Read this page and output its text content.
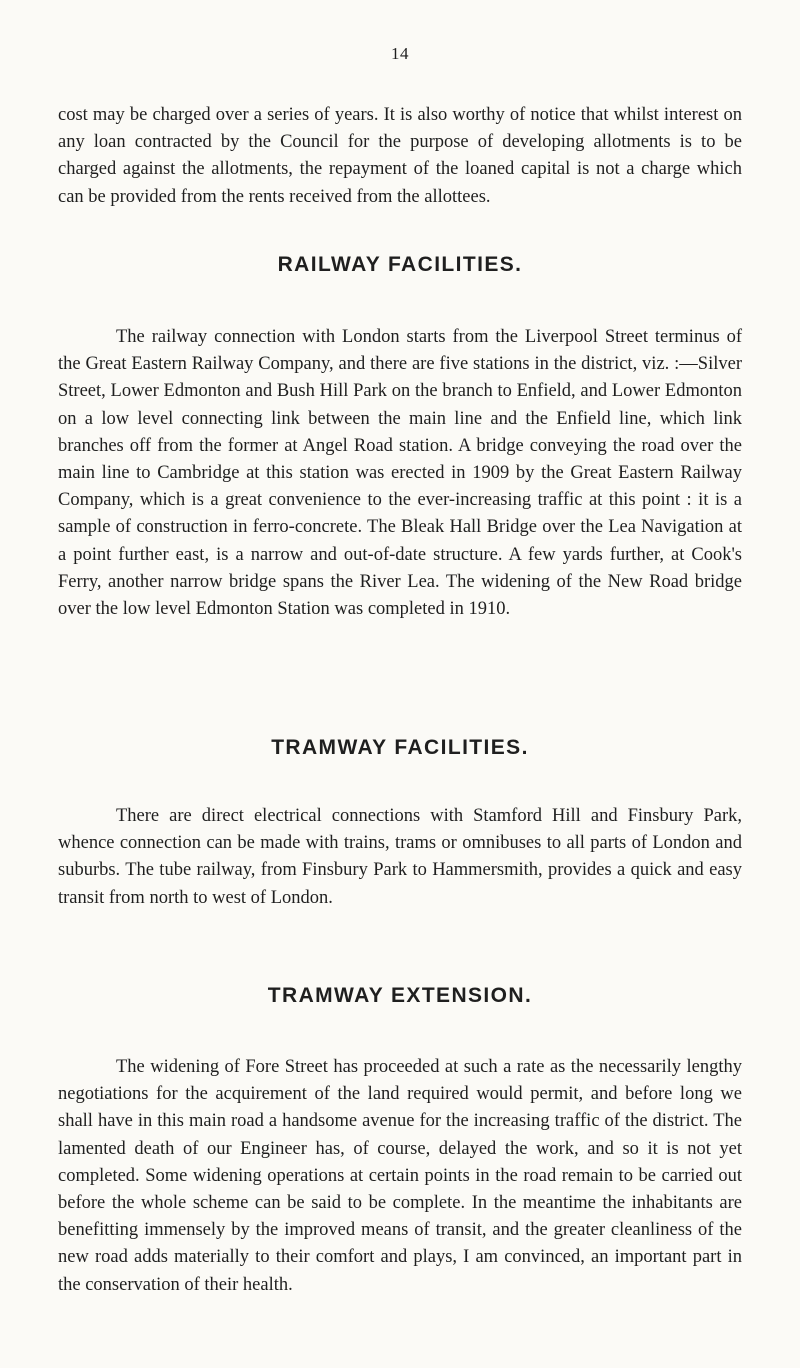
14

cost may be charged over a series of years. It is also worthy of notice that whilst interest on any loan contracted by the Council for the purpose of developing allotments is to be charged against the allotments, the repayment of the loaned capital is not a charge which can be provided from the rents received from the allottees.

RAILWAY FACILITIES.

The railway connection with London starts from the Liverpool Street terminus of the Great Eastern Railway Company, and there are five stations in the district, viz. :—Silver Street, Lower Edmonton and Bush Hill Park on the branch to Enfield, and Lower Edmonton on a low level connecting link between the main line and the Enfield line, which link branches off from the former at Angel Road station. A bridge conveying the road over the main line to Cambridge at this station was erected in 1909 by the Great Eastern Railway Company, which is a great convenience to the ever-increasing traffic at this point : it is a sample of construction in ferro-concrete. The Bleak Hall Bridge over the Lea Navigation at a point further east, is a narrow and out-of-date structure. A few yards further, at Cook's Ferry, another narrow bridge spans the River Lea. The widening of the New Road bridge over the low level Edmonton Station was completed in 1910.

TRAMWAY FACILITIES.

There are direct electrical connections with Stamford Hill and Finsbury Park, whence connection can be made with trains, trams or omnibuses to all parts of London and suburbs. The tube railway, from Finsbury Park to Hammersmith, provides a quick and easy transit from north to west of London.

TRAMWAY EXTENSION.

The widening of Fore Street has proceeded at such a rate as the necessarily lengthy negotiations for the acquirement of the land required would permit, and before long we shall have in this main road a handsome avenue for the increasing traffic of the district. The lamented death of our Engineer has, of course, delayed the work, and so it is not yet completed. Some widening operations at certain points in the road remain to be carried out before the whole scheme can be said to be complete. In the meantime the inhabitants are benefitting immensely by the improved means of transit, and the greater cleanliness of the new road adds materially to their comfort and plays, I am convinced, an important part in the conservation of their health.
